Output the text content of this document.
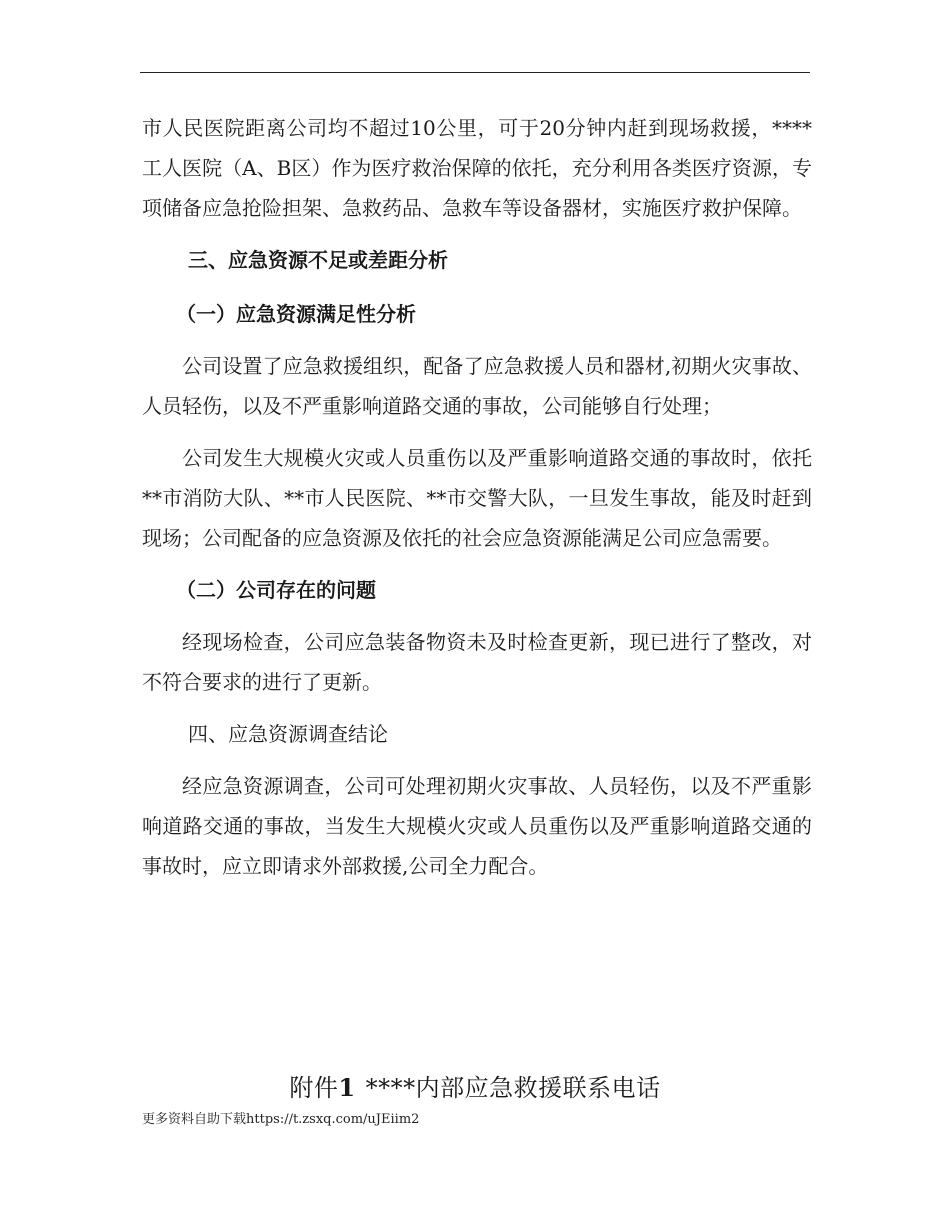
市人民医院距离公司均不超过10公里，可于20分钟内赶到现场救援，****工人医院（A、B区）作为医疗救治保障的依托，充分利用各类医疗资源，专项储备应急抢险担架、急救药品、急救车等设备器材，实施医疗救护保障。

三、应急资源不足或差距分析

（一）应急资源满足性分析

公司设置了应急救援组织，配备了应急救援人员和器材,初期火灾事故、人员轻伤，以及不严重影响道路交通的事故，公司能够自行处理；

公司发生大规模火灾或人员重伤以及严重影响道路交通的事故时，依托**市消防大队、**市人民医院、**市交警大队，一旦发生事故，能及时赶到现场；公司配备的应急资源及依托的社会应急资源能满足公司应急需要。

（二）公司存在的问题

经现场检查，公司应急装备物资未及时检查更新，现已进行了整改，对不符合要求的进行了更新。

四、应急资源调查结论

经应急资源调查，公司可处理初期火灾事故、人员轻伤，以及不严重影响道路交通的事故，当发生大规模火灾或人员重伤以及严重影响道路交通的事故时，应立即请求外部救援,公司全力配合。

附件1 ****内部应急救援联系电话
更多资料自助下载https://t.zsxq.com/uJEiim2
